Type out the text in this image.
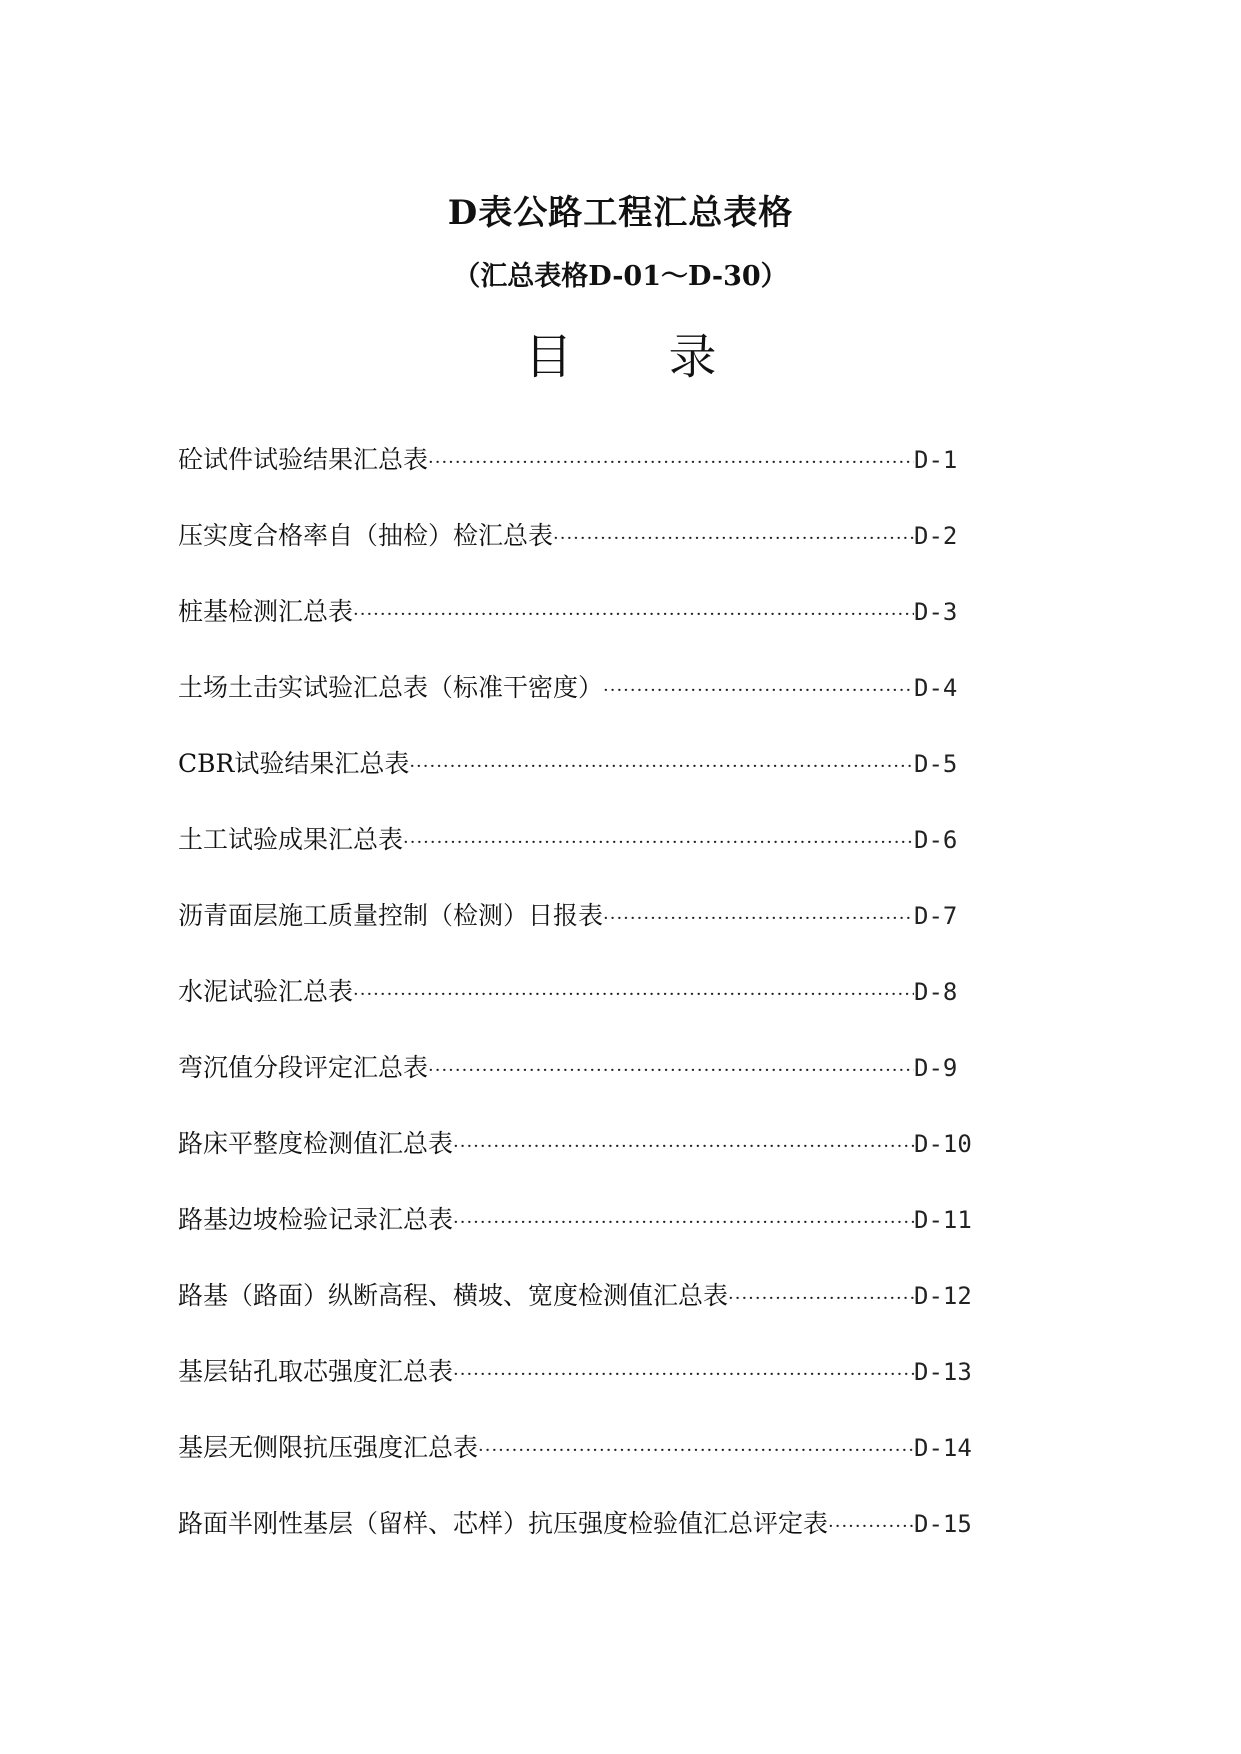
D表公路工程汇总表格
（汇总表格D-01～D-30）
目 录
砼试件试验结果汇总表 ·····	D-1
压实度合格率自（抽检）检汇总表 ·····	D-2
桩基检测汇总表 ·····	D-3
土场土击实试验汇总表（标准干密度） ·····	D-4
CBR试验结果汇总表 ·····	D-5
土工试验成果汇总表 ·····	D-6
沥青面层施工质量控制（检测）日报表 ·····	D-7
水泥试验汇总表 ·····	D-8
弯沉值分段评定汇总表 ·····	D-9
路床平整度检测值汇总表 ·····	D-10
路基边坡检验记录汇总表 ·····	D-11
路基（路面）纵断高程、横坡、宽度检测值汇总表 ·····	D-12
基层钻孔取芯强度汇总表 ·····	D-13
基层无侧限抗压强度汇总表 ·····	D-14
路面半刚性基层（留样、芯样）抗压强度检验值汇总评定表 ·····	D-15
